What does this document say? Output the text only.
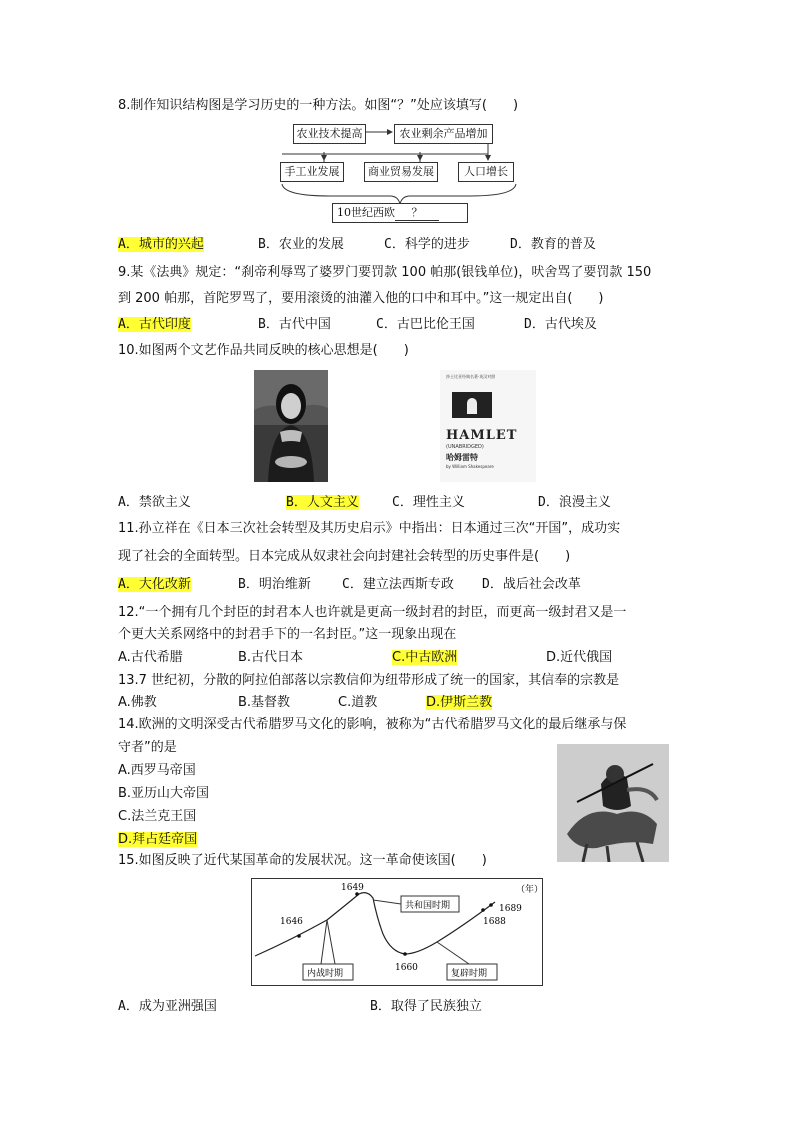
8.制作知识结构图是学习历史的一种方法。如图“？”处应该填写(　　)
农业技术提高	农业剩余产品增加
手工业发展	商业贸易发展	人口增长
10世纪西欧 ？
A．城市的兴起	B．农业的发展	C．科学的进步	D．教育的普及
9.某《法典》规定：“刹帝利辱骂了婆罗门要罚款 100 帕那(银钱单位)，吠舍骂了要罚款 150
到 200 帕那，首陀罗骂了，要用滚烫的油灌入他的口中和耳中。”这一规定出自(　　)
A．古代印度	B．古代中国	C．古巴比伦王国	D．古代埃及
10.如图两个文艺作品共同反映的核心思想是(　　)
莎士比亚经典名著·英汉对照
HAMLET
(UNABRIDGED)
哈姆雷特
by William Shakespeare
A．禁欲主义	B．人文主义	C．理性主义	D．浪漫主义
11.孙立祥在《日本三次社会转型及其历史启示》中指出：日本通过三次“开国”，成功实
现了社会的全面转型。日本完成从奴隶社会向封建社会转型的历史事件是(　　)
A．大化改新	B．明治维新 C．建立法西斯专政 D．战后社会改革
12.“一个拥有几个封臣的封君本人也许就是更高一级封君的封臣，而更高一级封君又是一
个更大关系网络中的封君手下的一名封臣。”这一现象出现在
A.古代希腊	B.古代日本	C.中古欧洲	D.近代俄国
13.7 世纪初，分散的阿拉伯部落以宗教信仰为纽带形成了统一的国家，其信奉的宗教是
A.佛教	B.基督教	C.道教	D.伊斯兰教
14.欧洲的文明深受古代希腊罗马文化的影响，被称为“古代希腊罗马文化的最后继承与保
守者”的是
A.西罗马帝国
B.亚历山大帝国
C.法兰克王国
D.拜占廷帝国
15.如图反映了近代某国革命的发展状况。这一革命使该国(　　)
（年）
1646
1649
1660
1688
1689
共和国时期
内战时期	复辟时期
A．成为亚洲强国	B．取得了民族独立
